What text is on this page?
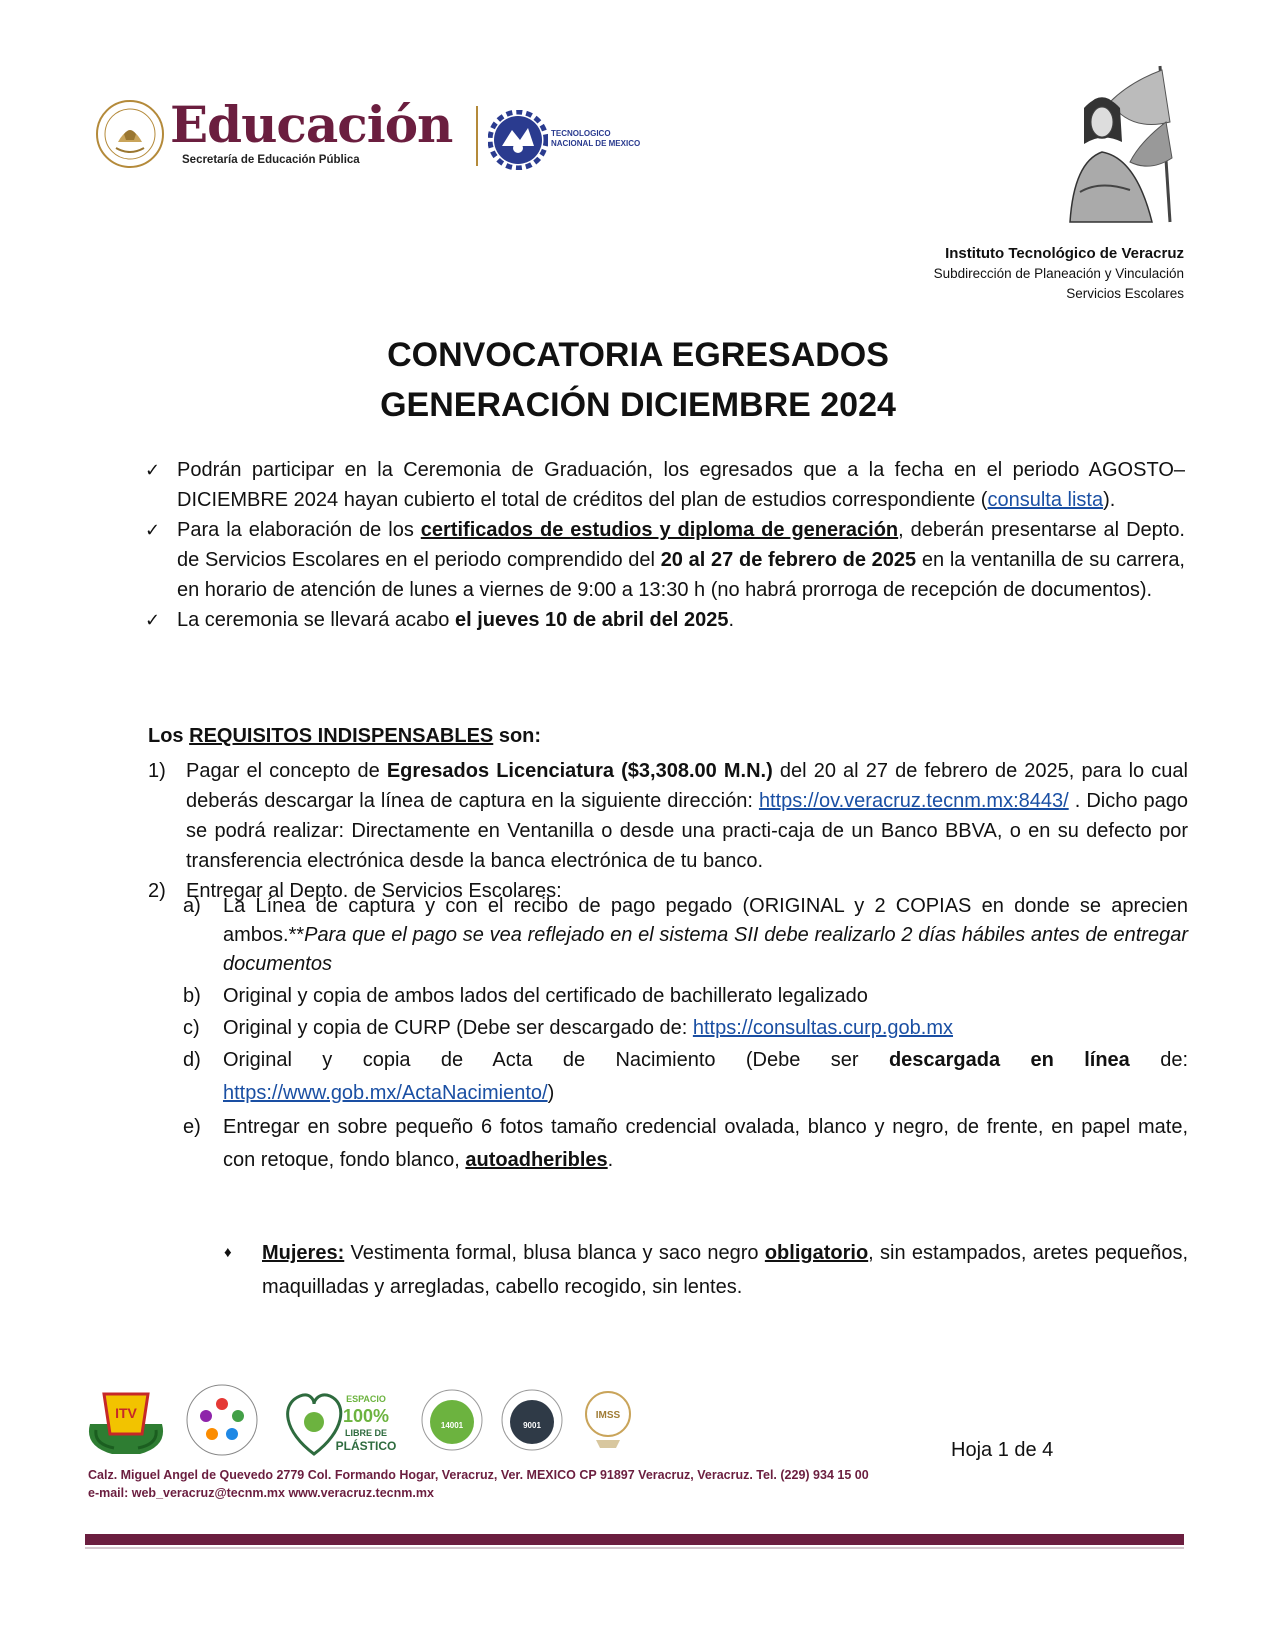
Educación
Secretaría de Educación Pública
TECNOLOGICO
NACIONAL DE MEXICO
Instituto Tecnológico de Veracruz
Subdirección de Planeación y Vinculación
Servicios Escolares
CONVOCATORIA EGRESADOS
GENERACIÓN DICIEMBRE 2024
✓ Podrán participar en la Ceremonia de Graduación, los egresados que a la fecha en el periodo AGOSTO–DICIEMBRE 2024 hayan cubierto el total de créditos del plan de estudios correspondiente (consulta lista).
✓ Para la elaboración de los certificados de estudios y diploma de generación, deberán presentarse al Depto. de Servicios Escolares en el periodo comprendido del 20 al 27 de febrero de 2025 en la ventanilla de su carrera, en horario de atención de lunes a viernes de 9:00 a 13:30 h (no habrá prorroga de recepción de documentos).
✓ La ceremonia se llevará acabo el jueves 10 de abril del 2025.
Los REQUISITOS INDISPENSABLES son:
1) Pagar el concepto de Egresados Licenciatura ($3,308.00 M.N.) del 20 al 27 de febrero de 2025, para lo cual deberás descargar la línea de captura en la siguiente dirección: https://ov.veracruz.tecnm.mx:8443/ . Dicho pago se podrá realizar: Directamente en Ventanilla o desde una practi-caja de un Banco BBVA, o en su defecto por transferencia electrónica desde la banca electrónica de tu banco.
2) Entregar al Depto. de Servicios Escolares:
a) La Línea de captura y con el recibo de pago pegado (ORIGINAL y 2 COPIAS en donde se aprecien ambos.**Para que el pago se vea reflejado en el sistema SII debe realizarlo 2 días hábiles antes de entregar documentos
b) Original y copia de ambos lados del certificado de bachillerato legalizado
c) Original y copia de CURP (Debe ser descargado de: https://consultas.curp.gob.mx
d) Original y copia de Acta de Nacimiento (Debe ser descargada en línea de: https://www.gob.mx/ActaNacimiento/)
e) Entregar en sobre pequeño 6 fotos tamaño credencial ovalada, blanco y negro, de frente, en papel mate, con retoque, fondo blanco, autoadheribles.
♦ Mujeres: Vestimenta formal, blusa blanca y saco negro obligatorio, sin estampados, aretes pequeños, maquilladas y arregladas, cabello recogido, sin lentes.
ITV
ESPACIO
100%
LIBRE DE
PLÁSTICO
14001	9001
IMSS
Hoja 1 de 4
Calz. Miguel Angel de Quevedo 2779 Col. Formando Hogar, Veracruz, Ver. MEXICO CP 91897 Veracruz, Veracruz. Tel. (229) 934 15 00
e-mail: web_veracruz@tecnm.mx www.veracruz.tecnm.mx
